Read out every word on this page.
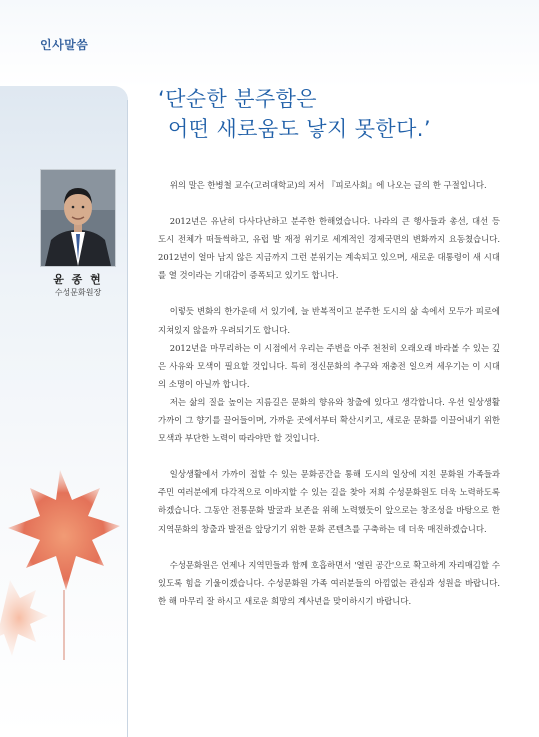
인사말씀
‘단순한 분주함은
어떤 새로움도 낳지 못한다.’
윤 종 현
수성문화원장

위의 말은 한병철 교수(고려대학교)의 저서 『피로사회』에 나오는 글의 한 구절입니다.

2012년은 유난히 다사다난하고 분주한 한해였습니다. 나라의 큰 행사들과 총선, 대선 등 도시 전체가 떠들썩하고, 유럽 발 재정 위기로 세계적인 경제국면의 변화까지 요동쳤습니다. 2012년이 얼마 남지 않은 지금까지 그런 분위기는 계속되고 있으며, 새로운 대통령이 새 시대를 열 것이라는 기대감이 증폭되고 있기도 합니다.

이렇듯 변화의 한가운데 서 있기에, 늘 반복적이고 분주한 도시의 삶 속에서 모두가 피로에 지쳐있지 않을까 우려되기도 합니다.

2012년을 마무리하는 이 시점에서 우리는 주변을 아주 천천히 오래오래 바라볼 수 있는 깊은 사유와 모색이 필요할 것입니다. 특히 정신문화의 추구와 재충전 일으켜 세우기는 이 시대의 소명이 아닐까 합니다.

저는 삶의 질을 높이는 지름길은 문화의 향유와 창출에 있다고 생각합니다. 우선 일상생활 가까이 그 향기를 끌어들이며, 가까운 곳에서부터 확산시키고, 새로운 문화를 이끌어내기 위한 모색과 부단한 노력이 따라야만 할 것입니다.

일상생활에서 가까이 접할 수 있는 문화공간을 통해 도시의 일상에 지친 문화원 가족들과 주민 여러분에게 다각적으로 이바지할 수 있는 길을 찾아 저희 수성문화원도 더욱 노력하도록 하겠습니다. 그동안 전통문화 발굴과 보존을 위해 노력했듯이 앞으로는 창조성을 바탕으로 한 지역문화의 창출과 발전을 앞당기기 위한 문화 콘텐츠를 구축하는 데 더욱 매진하겠습니다.

수성문화원은 언제나 지역민들과 함께 호흡하면서 '열린 공간'으로 확고하게 자리매김할 수 있도록 힘을 기울이겠습니다. 수성문화원 가족 여러분들의 아낌없는 관심과 성원을 바랍니다. 한 해 마무리 잘 하시고 새로운 희망의 계사년을 맞이하시기 바랍니다.
